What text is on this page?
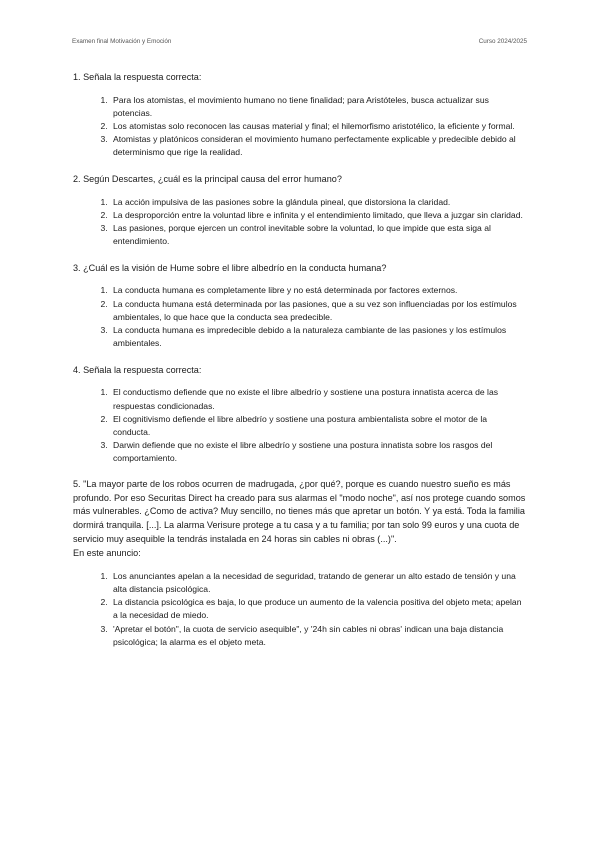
Examen final Motivación y Emoción	Curso 2024/2025

1. Señala la respuesta correcta:

1. Para los atomistas, el movimiento humano no tiene finalidad; para Aristóteles, busca actualizar sus potencias.
2. Los atomistas solo reconocen las causas material y final; el hilemorfismo aristotélico, la eficiente y formal.
3. Atomistas y platónicos consideran el movimiento humano perfectamente explicable y predecible debido al determinismo que rige la realidad.

2. Según Descartes, ¿cuál es la principal causa del error humano?

1. La acción impulsiva de las pasiones sobre la glándula pineal, que distorsiona la claridad.
2. La desproporción entre la voluntad libre e infinita y el entendimiento limitado, que lleva a juzgar sin claridad.
3. Las pasiones, porque ejercen un control inevitable sobre la voluntad, lo que impide que esta siga al entendimiento.

3. ¿Cuál es la visión de Hume sobre el libre albedrío en la conducta humana?

1. La conducta humana es completamente libre y no está determinada por factores externos.
2. La conducta humana está determinada por las pasiones, que a su vez son influenciadas por los estímulos ambientales, lo que hace que la conducta sea predecible.
3. La conducta humana es impredecible debido a la naturaleza cambiante de las pasiones y los estímulos ambientales.

4. Señala la respuesta correcta:

1. El conductismo defiende que no existe el libre albedrío y sostiene una postura innatista acerca de las respuestas condicionadas.
2. El cognitivismo defiende el libre albedrío y sostiene una postura ambientalista sobre el motor de la conducta.
3. Darwin defiende que no existe el libre albedrío y sostiene una postura innatista sobre los rasgos del comportamiento.

5. "La mayor parte de los robos ocurren de madrugada, ¿por qué?, porque es cuando nuestro sueño es más profundo. Por eso Securitas Direct ha creado para sus alarmas el "modo noche", así nos protege cuando somos más vulnerables. ¿Como de activa? Muy sencillo, no tienes más que apretar un botón. Y ya está. Toda la familia dormirá tranquila. [...]. La alarma Verisure protege a tu casa y a tu familia; por tan solo 99 euros y una cuota de servicio muy asequible la tendrás instalada en 24 horas sin cables ni obras (...)".
En este anuncio:

1. Los anunciantes apelan a la necesidad de seguridad, tratando de generar un alto estado de tensión y una alta distancia psicológica.
2. La distancia psicológica es baja, lo que produce un aumento de la valencia positiva del objeto meta; apelan a la necesidad de miedo.
3. 'Apretar el botón", la cuota de servicio asequible", y '24h sin cables ni obras' indican una baja distancia psicológica; la alarma es el objeto meta.
